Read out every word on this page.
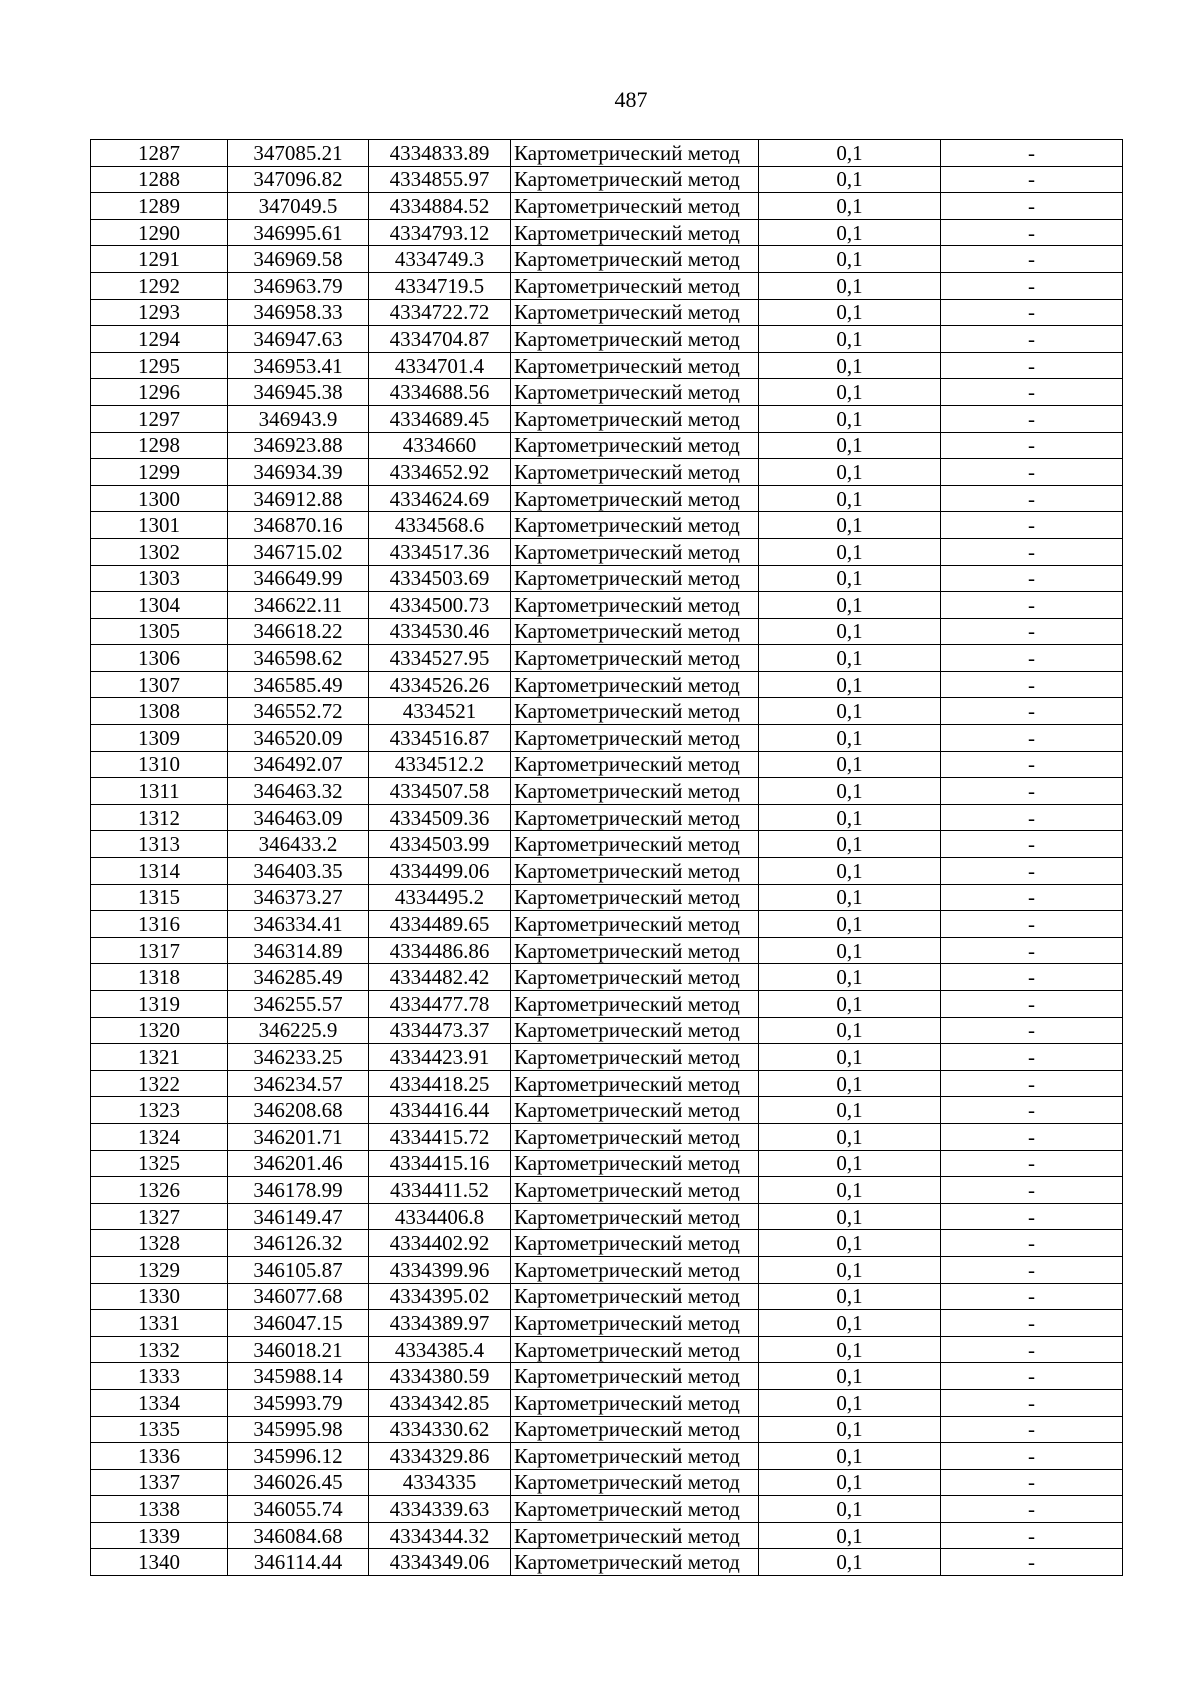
487
1287	347085.21	4334833.89	Картометрический метод	0,1	-
1288	347096.82	4334855.97	Картометрический метод	0,1	-
1289	347049.5	4334884.52	Картометрический метод	0,1	-
1290	346995.61	4334793.12	Картометрический метод	0,1	-
1291	346969.58	4334749.3	Картометрический метод	0,1	-
1292	346963.79	4334719.5	Картометрический метод	0,1	-
1293	346958.33	4334722.72	Картометрический метод	0,1	-
1294	346947.63	4334704.87	Картометрический метод	0,1	-
1295	346953.41	4334701.4	Картометрический метод	0,1	-
1296	346945.38	4334688.56	Картометрический метод	0,1	-
1297	346943.9	4334689.45	Картометрический метод	0,1	-
1298	346923.88	4334660	Картометрический метод	0,1	-
1299	346934.39	4334652.92	Картометрический метод	0,1	-
1300	346912.88	4334624.69	Картометрический метод	0,1	-
1301	346870.16	4334568.6	Картометрический метод	0,1	-
1302	346715.02	4334517.36	Картометрический метод	0,1	-
1303	346649.99	4334503.69	Картометрический метод	0,1	-
1304	346622.11	4334500.73	Картометрический метод	0,1	-
1305	346618.22	4334530.46	Картометрический метод	0,1	-
1306	346598.62	4334527.95	Картометрический метод	0,1	-
1307	346585.49	4334526.26	Картометрический метод	0,1	-
1308	346552.72	4334521	Картометрический метод	0,1	-
1309	346520.09	4334516.87	Картометрический метод	0,1	-
1310	346492.07	4334512.2	Картометрический метод	0,1	-
1311	346463.32	4334507.58	Картометрический метод	0,1	-
1312	346463.09	4334509.36	Картометрический метод	0,1	-
1313	346433.2	4334503.99	Картометрический метод	0,1	-
1314	346403.35	4334499.06	Картометрический метод	0,1	-
1315	346373.27	4334495.2	Картометрический метод	0,1	-
1316	346334.41	4334489.65	Картометрический метод	0,1	-
1317	346314.89	4334486.86	Картометрический метод	0,1	-
1318	346285.49	4334482.42	Картометрический метод	0,1	-
1319	346255.57	4334477.78	Картометрический метод	0,1	-
1320	346225.9	4334473.37	Картометрический метод	0,1	-
1321	346233.25	4334423.91	Картометрический метод	0,1	-
1322	346234.57	4334418.25	Картометрический метод	0,1	-
1323	346208.68	4334416.44	Картометрический метод	0,1	-
1324	346201.71	4334415.72	Картометрический метод	0,1	-
1325	346201.46	4334415.16	Картометрический метод	0,1	-
1326	346178.99	4334411.52	Картометрический метод	0,1	-
1327	346149.47	4334406.8	Картометрический метод	0,1	-
1328	346126.32	4334402.92	Картометрический метод	0,1	-
1329	346105.87	4334399.96	Картометрический метод	0,1	-
1330	346077.68	4334395.02	Картометрический метод	0,1	-
1331	346047.15	4334389.97	Картометрический метод	0,1	-
1332	346018.21	4334385.4	Картометрический метод	0,1	-
1333	345988.14	4334380.59	Картометрический метод	0,1	-
1334	345993.79	4334342.85	Картометрический метод	0,1	-
1335	345995.98	4334330.62	Картометрический метод	0,1	-
1336	345996.12	4334329.86	Картометрический метод	0,1	-
1337	346026.45	4334335	Картометрический метод	0,1	-
1338	346055.74	4334339.63	Картометрический метод	0,1	-
1339	346084.68	4334344.32	Картометрический метод	0,1	-
1340	346114.44	4334349.06	Картометрический метод	0,1	-
